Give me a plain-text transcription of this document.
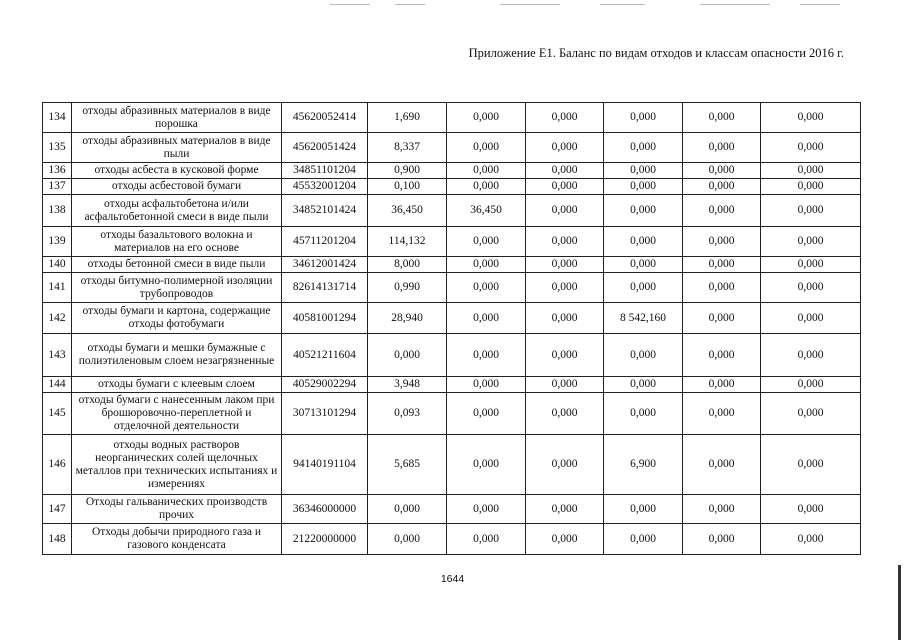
Приложение Е1. Баланс по видам отходов и классам опасности 2016 г.
134	отходы абразивных материалов в виде порошка	45620052414	1,690	0,000	0,000	0,000	0,000	0,000
135	отходы абразивных материалов в виде пыли	45620051424	8,337	0,000	0,000	0,000	0,000	0,000
136	отходы асбеста в кусковой форме	34851101204	0,900	0,000	0,000	0,000	0,000	0,000
137	отходы асбестовой бумаги	45532001204	0,100	0,000	0,000	0,000	0,000	0,000
138	отходы асфальтобетона и/или асфальтобетонной смеси в виде пыли	34852101424	36,450	36,450	0,000	0,000	0,000	0,000
139	отходы базальтового волокна и материалов на его основе	45711201204	114,132	0,000	0,000	0,000	0,000	0,000
140	отходы бетонной смеси в виде пыли	34612001424	8,000	0,000	0,000	0,000	0,000	0,000
141	отходы битумно-полимерной изоляции трубопроводов	82614131714	0,990	0,000	0,000	0,000	0,000	0,000
142	отходы бумаги и картона, содержащие отходы фотобумаги	40581001294	28,940	0,000	0,000	8 542,160	0,000	0,000
143	отходы бумаги и мешки бумажные с полиэтиленовым слоем незагрязненные	40521211604	0,000	0,000	0,000	0,000	0,000	0,000
144	отходы бумаги с клеевым слоем	40529002294	3,948	0,000	0,000	0,000	0,000	0,000
145	отходы бумаги с нанесенным лаком при брошюровочно-переплетной и отделочной деятельности	30713101294	0,093	0,000	0,000	0,000	0,000	0,000
146	отходы водных растворов неорганических солей щелочных металлов при технических испытаниях и измерениях	94140191104	5,685	0,000	0,000	6,900	0,000	0,000
147	Отходы гальванических производств прочих	36346000000	0,000	0,000	0,000	0,000	0,000	0,000
148	Отходы добычи природного газа и газового конденсата	21220000000	0,000	0,000	0,000	0,000	0,000	0,000
1644
